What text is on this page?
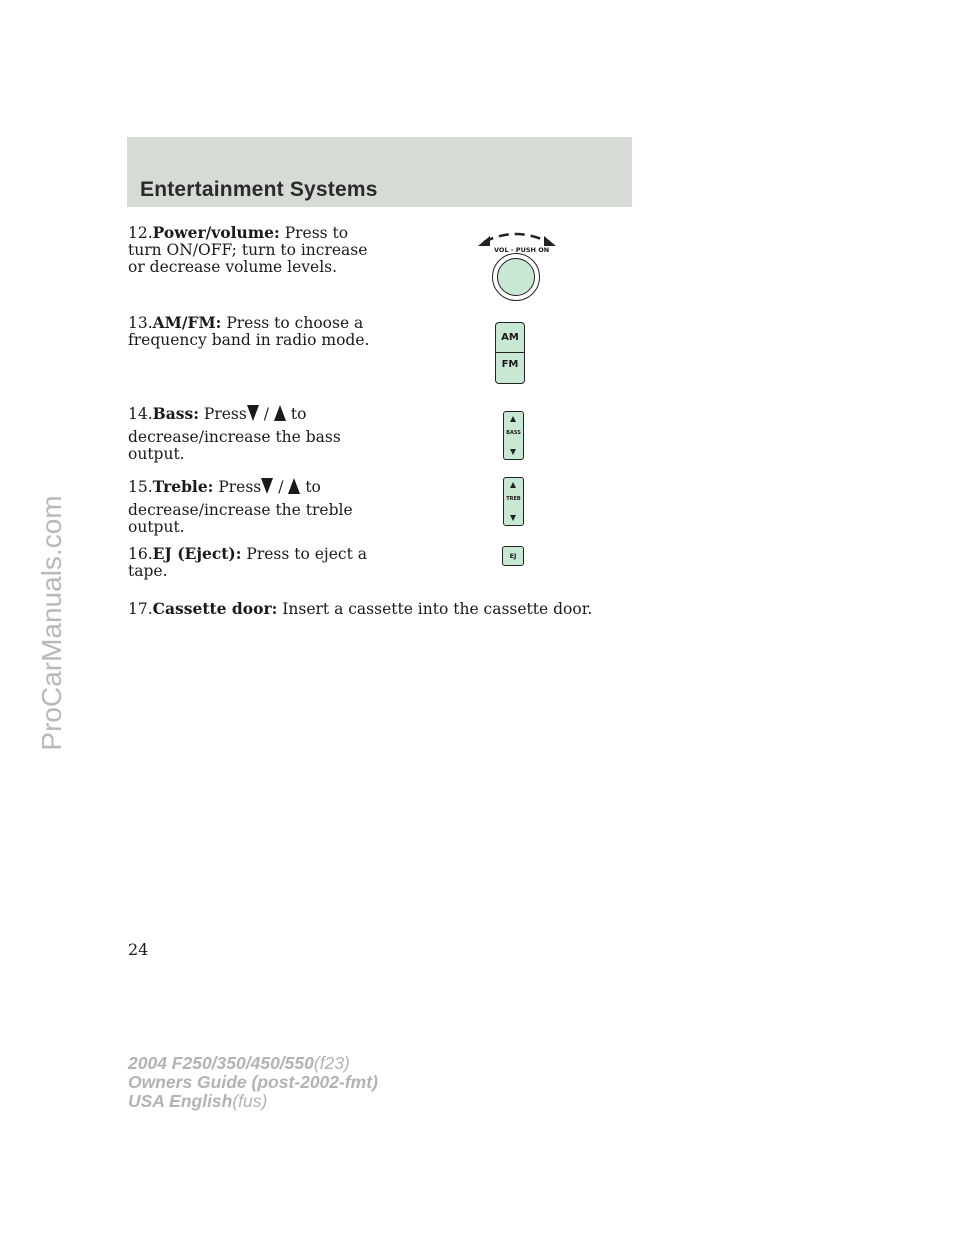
Entertainment Systems
12.Power/volume: Press to turn ON/OFF; turn to increase or decrease volume levels.
VOL - PUSH ON
13.AM/FM: Press to choose a frequency band in radio mode.	AM
FM
14.Bass: Press / to
decrease/increase the bass output.
BASS
15.Treble: Press / to
decrease/increase the treble output.
TREB
16.EJ (Eject): Press to eject a tape.
EJ
17.Cassette door: Insert a cassette into the cassette door.
24
2004 F250/350/450/550(f23)
Owners Guide (post-2002-fmt)
USA English(fus)
ProCarManuals.com
